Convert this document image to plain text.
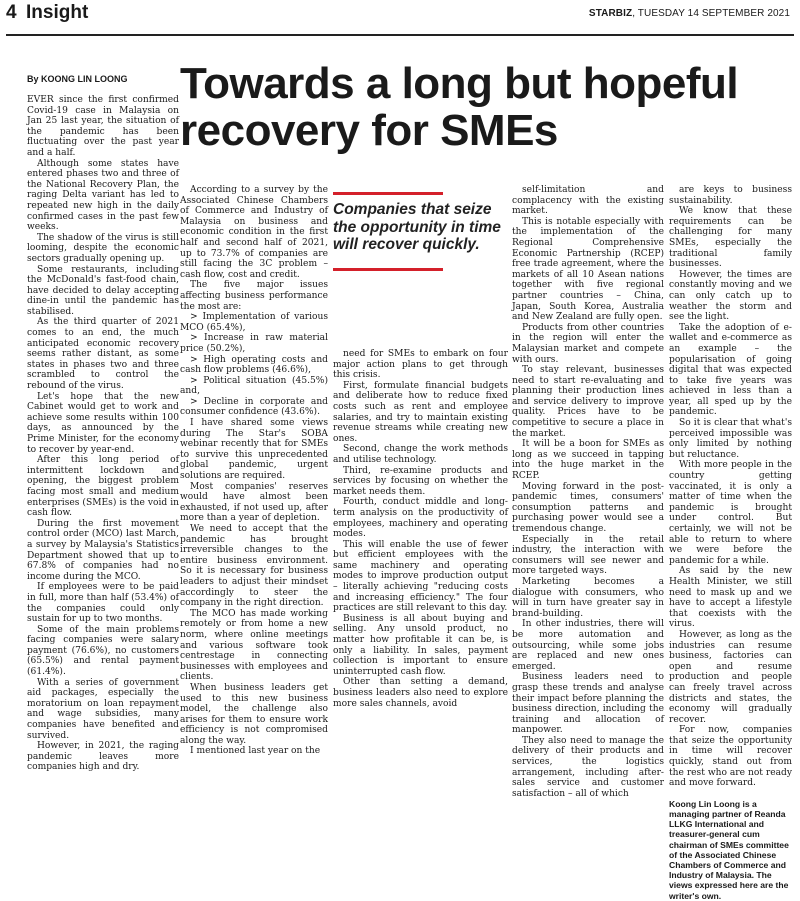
4 Insight	STARBIZ, TUESDAY 14 SEPTEMBER 2021
By KOONG LIN LOONG Towards a long but hopeful recovery for SMEs

EVER since the first confirmed Covid-19 case in Malaysia on Jan 25 last year, the situation of the pandemic has been fluctuating over the past year and a half.

Although some states have entered phases two and three of the National Recovery Plan, the raging Delta variant has led to repeated new high in the daily confirmed cases in the past few weeks.

The shadow of the virus is still looming, despite the economic sectors gradually opening up.

Some restaurants, including the McDonald's fast-food chain, have decided to delay accepting dine-in until the pandemic has stabilised.

As the third quarter of 2021 comes to an end, the much anticipated economic recovery seems rather distant, as some states in phases two and three scrambled to control the rebound of the virus.

Let's hope that the new Cabinet would get to work and achieve some results within 100 days, as announced by the Prime Minister, for the economy to recover by year-end.

After this long period of intermittent lockdown and opening, the biggest problem facing most small and medium enterprises (SMEs) is the void in cash flow.

During the first movement control order (MCO) last March, a survey by Malaysia's Statistics Department showed that up to 67.8% of companies had no income during the MCO.

If employees were to be paid in full, more than half (53.4%) of the companies could only sustain for up to two months.

Some of the main problems facing companies were salary payment (76.6%), no customers (65.5%) and rental payment (61.4%).

With a series of government aid packages, especially the moratorium on loan repayment and wage subsidies, many companies have benefited and survived.

However, in 2021, the raging pandemic leaves more companies high and dry.

According to a survey by the Associated Chinese Chambers of Commerce and Industry of Malaysia on business and economic condition in the first half and second half of 2021, up to 73.7% of companies are still facing the 3C problem – cash flow, cost and credit.

The five major issues affecting business performance the most are:

> Implementation of various MCO (65.4%),

> Increase in raw material price (50.2%),

> High operating costs and cash flow problems (46.6%),

> Political situation (45.5%) and,

> Decline in corporate and consumer confidence (43.6%).

I have shared some views during The Star's SOBA webinar recently that for SMEs to survive this unprecedented global pandemic, urgent solutions are required.

Most companies' reserves would have almost been exhausted, if not used up, after more than a year of depletion.

We need to accept that the pandemic has brought irreversible changes to the entire business environment. So it is necessary for business leaders to adjust their mindset accordingly to steer the company in the right direction.

The MCO has made working remotely or from home a new norm, where online meetings and various software took centrestage in connecting businesses with employees and clients.

When business leaders get used to this new business model, the challenge also arises for them to ensure work efficiency is not compromised along the way.

I mentioned last year on the

Companies that seize the opportunity in time will recover quickly.

need for SMEs to embark on four major action plans to get through this crisis.

First, formulate financial budgets and deliberate how to reduce fixed costs such as rent and employee salaries, and try to maintain existing revenue streams while creating new ones.

Second, change the work methods and utilise technology.

Third, re-examine products and services by focusing on whether the market needs them.

Fourth, conduct middle and long-term analysis on the productivity of employees, machinery and operating modes.

This will enable the use of fewer but efficient employees with the same machinery and operating modes to improve production output – literally achieving "reducing costs and increasing efficiency." The four practices are still relevant to this day.

Business is all about buying and selling. Any unsold product, no matter how profitable it can be, is only a liability. In sales, payment collection is important to ensure uninterrupted cash flow.

Other than setting a demand, business leaders also need to explore more sales channels, avoid

self-limitation and complacency with the existing market.

This is notable especially with the implementation of the Regional Comprehensive Economic Partnership (RCEP) free trade agreement, where the markets of all 10 Asean nations together with five regional partner countries – China, Japan, South Korea, Australia and New Zealand are fully open.

Products from other countries in the region will enter the Malaysian market and compete with ours.

To stay relevant, businesses need to start re-evaluating and planning their production lines and service delivery to improve quality. Prices have to be competitive to secure a place in the market.

It will be a boon for SMEs as long as we succeed in tapping into the huge market in the RCEP.

Moving forward in the post-pandemic times, consumers' consumption patterns and purchasing power would see a tremendous change.

Especially in the retail industry, the interaction with consumers will see newer and more targeted ways.

Marketing becomes a dialogue with consumers, who will in turn have greater say in brand-building.

In other industries, there will be more automation and outsourcing, while some jobs are replaced and new ones emerged.

Business leaders need to grasp these trends and analyse their impact before planning the business direction, including the training and allocation of manpower.

They also need to manage the delivery of their products and services, the logistics arrangement, including after-sales service and customer satisfaction – all of which

are keys to business sustainability.

We know that these requirements can be challenging for many SMEs, especially the traditional family businesses.

However, the times are constantly moving and we can only catch up to weather the storm and see the light.

Take the adoption of e-wallet and e-commerce as an example – the popularisation of going digital that was expected to take five years was achieved in less than a year, all sped up by the pandemic.

So it is clear that what's perceived impossible was only limited by nothing but reluctance.

With more people in the country getting vaccinated, it is only a matter of time when the pandemic is brought under control. But certainly, we will not be able to return to where we were before the pandemic for a while.

As said by the new Health Minister, we still need to mask up and we have to accept a lifestyle that coexists with the virus.

However, as long as the industries can resume business, factories can open and resume production and people can freely travel across districts and states, the economy will gradually recover.

For now, companies that seize the opportunity in time will recover quickly, stand out from the rest who are not ready and move forward.

Koong Lin Loong is a managing partner of Reanda LLKG International and treasurer-general cum chairman of SMEs committee of the Associated Chinese Chambers of Commerce and Industry of Malaysia. The views expressed here are the writer's own.
